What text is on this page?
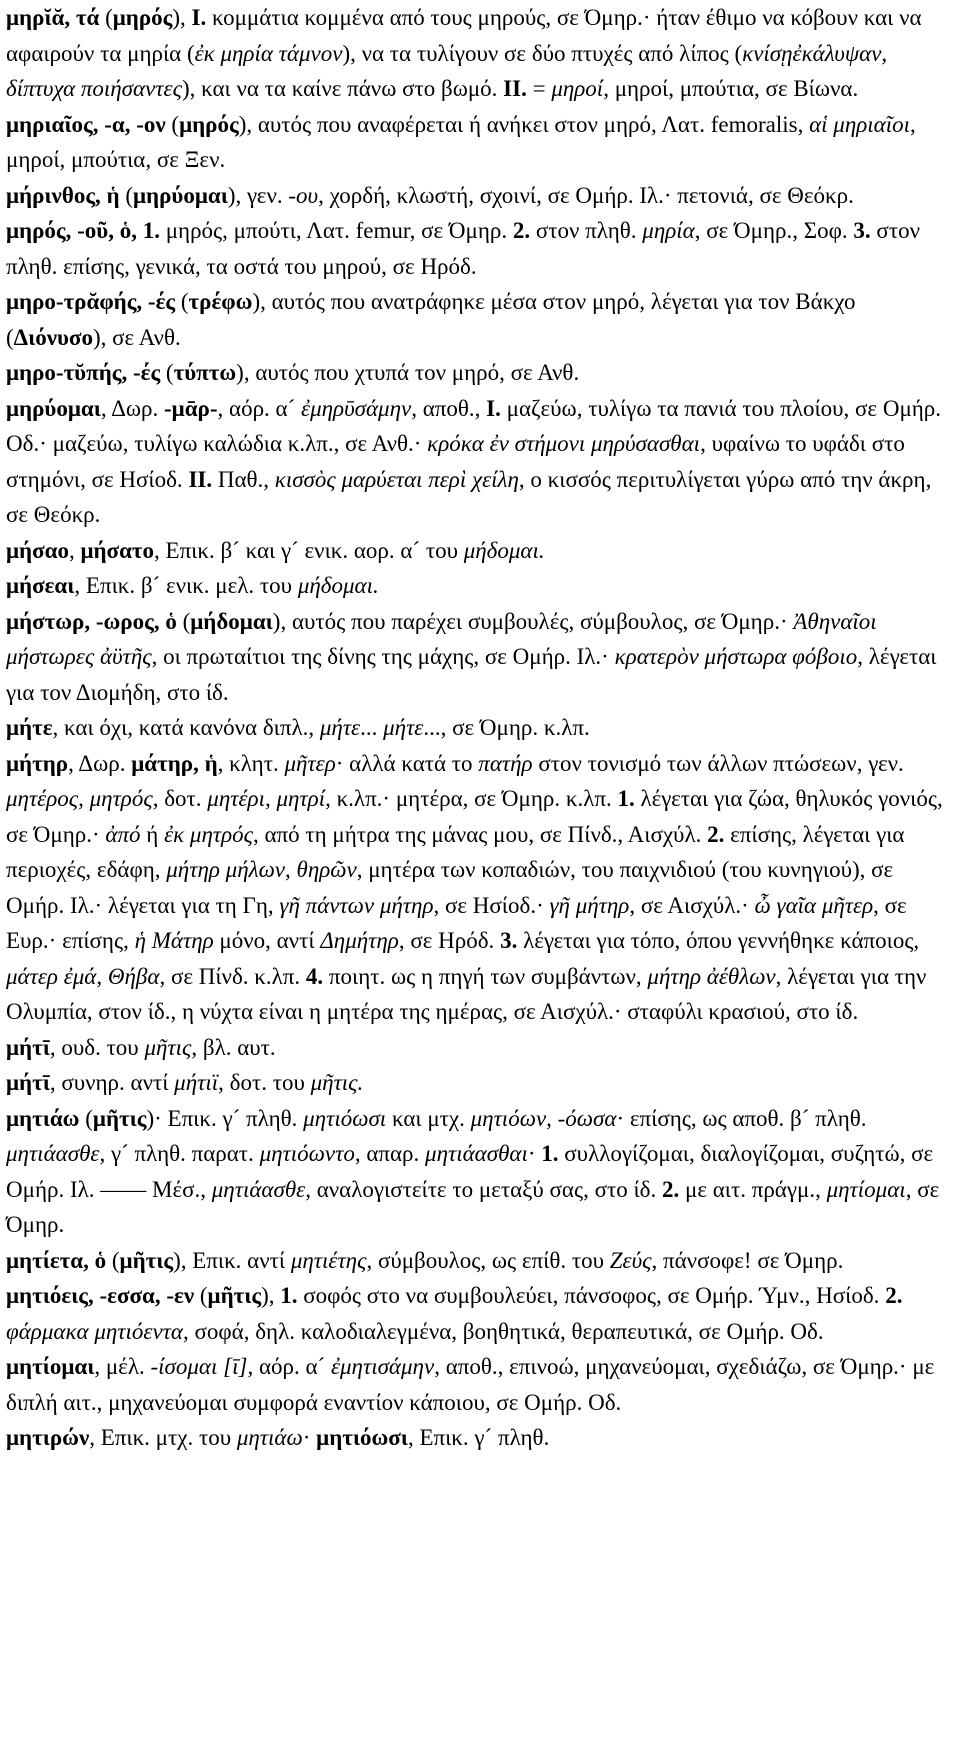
μηρῐᾰ, τά (μηρός), I. κομμάτια κομμένα από τους μηρούς, σε Όμηρ.· ήταν έθιμο να κόβουν και να αφαιρούν τα μηρία (ἐκ μηρία τάμνον), να τα τυλίγουν σε δύο πτυχές από λίπος (κνίσῃἐκάλυψαν, δίπτυχα ποιήσαντες), και να τα καίνε πάνω στο βωμό. II. = μηροί, μηροί, μπούτια, σε Βίωνα.

μηριαῖος, -α, -ον (μηρός), αυτός που αναφέρεται ή ανήκει στον μηρό, Λατ. femoralis, αἱ μηριαῖοι, μηροί, μπούτια, σε Ξεν.

μήρινθος, ἡ (μηρύομαι), γεν. -ου, χορδή, κλωστή, σχοινί, σε Ομήρ. Ιλ.· πετονιά, σε Θεόκρ.

μηρός, -οῦ, ὁ, 1. μηρός, μπούτι, Λατ. femur, σε Όμηρ. 2. στον πληθ. μηρία, σε Όμηρ., Σοφ. 3. στον πληθ. επίσης, γενικά, τα οστά του μηρού, σε Ηρόδ.

μηρο-τρᾰφής, -ές (τρέφω), αυτός που ανατράφηκε μέσα στον μηρό, λέγεται για τον Βάκχο (Διόνυσο), σε Ανθ.

μηρο-τῠπής, -ές (τύπτω), αυτός που χτυπά τον μηρό, σε Ανθ.

μηρύομαι, Δωρ. -μᾱρ-, αόρ. α´ ἐμηρῡσάμην, αποθ., I. μαζεύω, τυλίγω τα πανιά του πλοίου, σε Ομήρ. Οδ.· μαζεύω, τυλίγω καλώδια κ.λπ., σε Ανθ.· κρόκα ἐν στήμονι μηρύσασθαι, υφαίνω το υφάδι στο στημόνι, σε Ησίοδ. II. Παθ., κισσὸς μαρύεται περὶ χείλη, ο κισσός περιτυλίγεται γύρω από την άκρη, σε Θεόκρ.

μήσαο, μήσατο, Επικ. β´ και γ´ ενικ. αορ. α´ του μήδομαι.

μήσεαι, Επικ. β´ ενικ. μελ. του μήδομαι.

μήστωρ, -ωρος, ὁ (μήδομαι), αυτός που παρέχει συμβουλές, σύμβουλος, σε Όμηρ.· Ἀθηναῖοι μήστωρες ἀϋτῆς, οι πρωταίτιοι της δίνης της μάχης, σε Ομήρ. Ιλ.· κρατερὸν μήστωρα φόβοιο, λέγεται για τον Διομήδη, στο ίδ.

μήτε, και όχι, κατά κανόνα διπλ., μήτε... μήτε..., σε Όμηρ. κ.λπ.

μήτηρ, Δωρ. μάτηρ, ἡ, κλητ. μῆτερ· αλλά κατά το πατήρ στον τονισμό των άλλων πτώσεων, γεν. μητέρος, μητρός, δοτ. μητέρι, μητρί, κ.λπ.· μητέρα, σε Όμηρ. κ.λπ. 1. λέγεται για ζώα, θηλυκός γονιός, σε Όμηρ.· ἀπό ή ἐκ μητρός, από τη μήτρα της μάνας μου, σε Πίνδ., Αισχύλ. 2. επίσης, λέγεται για περιοχές, εδάφη, μήτηρ μήλων, θηρῶν, μητέρα των κοπαδιών, του παιχνιδιού (του κυνηγιού), σε Ομήρ. Ιλ.· λέγεται για τη Γη, γῆ πάντων μήτηρ, σε Ησίοδ.· γῆ μήτηρ, σε Αισχύλ.· ὦ γαῖα μῆτερ, σε Ευρ.· επίσης, ἡ Μάτηρ μόνο, αντί Δημήτηρ, σε Ηρόδ. 3. λέγεται για τόπο, όπου γεννήθηκε κάποιος, μάτερ ἐμά, Θήβα, σε Πίνδ. κ.λπ. 4. ποιητ. ως η πηγή των συμβάντων, μήτηρ ἀέθλων, λέγεται για την Ολυμπία, στον ίδ., η νύχτα είναι η μητέρα της ημέρας, σε Αισχύλ.· σταφύλι κρασιού, στο ίδ.

μήτῑ, ουδ. του μῆτις, βλ. αυτ.

μήτῑ, συνηρ. αντί μήτιϊ, δοτ. του μῆτις.

μητιάω (μῆτις)· Επικ. γ´ πληθ. μητιόωσι και μτχ. μητιόων, -όωσα· επίσης, ως αποθ. β´ πληθ. μητιάασθε, γ´ πληθ. παρατ. μητιόωντο, απαρ. μητιάασθαι· 1. συλλογίζομαι, διαλογίζομαι, συζητώ, σε Ομήρ. Ιλ. —— Μέσ., μητιάασθε, αναλογιστείτε το μεταξύ σας, στο ίδ. 2. με αιτ. πράγμ., μητίομαι, σε Όμηρ.

μητίετα, ὁ (μῆτις), Επικ. αντί μητιέτης, σύμβουλος, ως επίθ. του Ζεύς, πάνσοφε! σε Όμηρ.

μητιόεις, -εσσα, -εν (μῆτις), 1. σοφός στο να συμβουλεύει, πάνσοφος, σε Ομήρ. Ύμν., Ησίοδ. 2. φάρμακα μητιόεντα, σοφά, δηλ. καλοδιαλεγμένα, βοηθητικά, θεραπευτικά, σε Ομήρ. Οδ.

μητίομαι, μέλ. -ίσομαι [ῑ], αόρ. α´ ἐμητισάμην, αποθ., επινοώ, μηχανεύομαι, σχεδιάζω, σε Όμηρ.· με διπλή αιτ., μηχανεύομαι συμφορά εναντίον κάποιου, σε Ομήρ. Οδ.

μητιρών, Επικ. μτχ. του μητιάω· μητιόωσι, Επικ. γ´ πληθ.
